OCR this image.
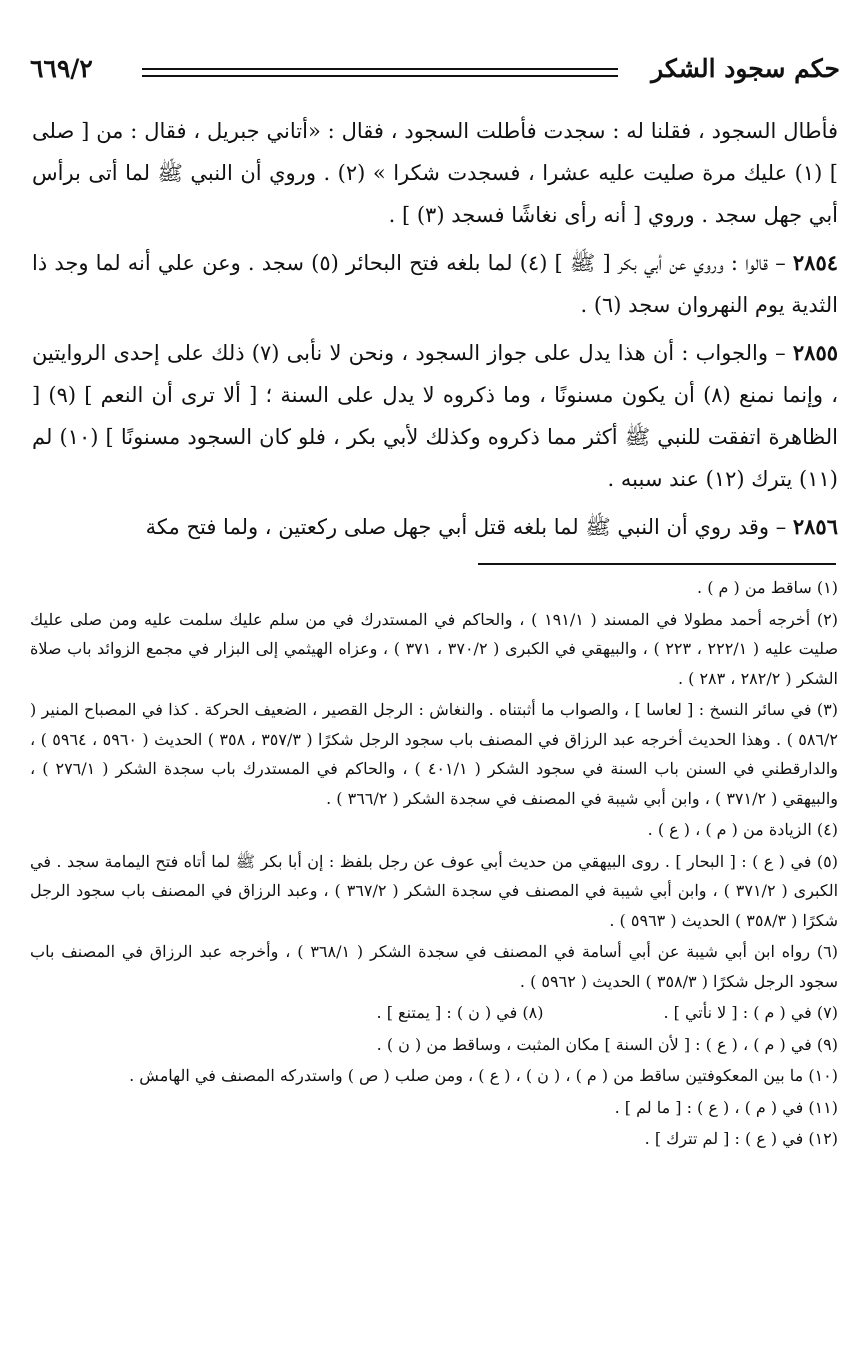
حكم سجود الشكر
٦٦٩/٢

فأطال السجود ، فقلنا له : سجدت فأطلت السجود ، فقال : «أتاني جبريل ، فقال : من [ صلى ] (١) عليك مرة صليت عليه عشرا ، فسجدت شكرا » (٢) . وروي أن النبي ﷺ لما أتى برأس أبي جهل سجد . وروي [ أنه رأى نغاشًا فسجد (٣) ] .

٢٨٥٤ – قالوا : وروي عن أبي بكر [ ﷺ ] (٤) لما بلغه فتح البحائر (٥) سجد . وعن علي أنه لما وجد ذا الثدية يوم النهروان سجد (٦) .

٢٨٥٥ – والجواب : أن هذا يدل على جواز السجود ، ونحن لا نأبى (٧) ذلك على إحدى الروايتين ، وإنما نمنع (٨) أن يكون مسنونًا ، وما ذكروه لا يدل على السنة ؛ [ ألا ترى أن النعم ] (٩) [ الظاهرة اتفقت للنبي ﷺ أكثر مما ذكروه وكذلك لأبي بكر ، فلو كان السجود مسنونًا ] (١٠) لم (١١) يترك (١٢) عند سببه .

٢٨٥٦ – وقد روي أن النبي ﷺ لما بلغه قتل أبي جهل صلى ركعتين ، ولما فتح مكة

(١) ساقط من ( م ) .

(٢) أخرجه أحمد مطولا في المسند ( ١٩١/١ ) ، والحاكم في المستدرك في من سلم عليك سلمت عليه ومن صلى عليك صليت عليه ( ٢٢٢/١ ، ٢٢٣ ) ، والبيهقي في الكبرى ( ٣٧٠/٢ ، ٣٧١ ) ، وعزاه الهيثمي إلى البزار في مجمع الزوائد باب صلاة الشكر ( ٢٨٢/٢ ، ٢٨٣ ) .

(٣) في سائر النسخ : [ لعاسا ] ، والصواب ما أثبتناه . والنغاش : الرجل القصير ، الضعيف الحركة . كذا في المصباح المنير ( ٥٨٦/٢ ) . وهذا الحديث أخرجه عبد الرزاق في المصنف باب سجود الرجل شكرًا ( ٣٥٧/٣ ، ٣٥٨ ) الحديث ( ٥٩٦٠ ، ٥٩٦٤ ) ، والدارقطني في السنن باب السنة في سجود الشكر ( ٤٠١/١ ) ، والحاكم في المستدرك باب سجدة الشكر ( ٢٧٦/١ ) ، والبيهقي ( ٣٧١/٢ ) ، وابن أبي شيبة في المصنف في سجدة الشكر ( ٣٦٦/٢ ) .

(٤) الزيادة من ( م ) ، ( ع ) .

(٥) في ( ع ) : [ البحار ] . روى البيهقي من حديث أبي عوف عن رجل بلفظ : إن أبا بكر ﷺ لما أتاه فتح اليمامة سجد . في الكبرى ( ٣٧١/٢ ) ، وابن أبي شيبة في المصنف في سجدة الشكر ( ٣٦٧/٢ ) ، وعبد الرزاق في المصنف باب سجود الرجل شكرًا ( ٣٥٨/٣ ) الحديث ( ٥٩٦٣ ) .

(٦) رواه ابن أبي شيبة عن أبي أسامة في المصنف في سجدة الشكر ( ٣٦٨/١ ) ، وأخرجه عبد الرزاق في المصنف باب سجود الرجل شكرًا ( ٣٥٨/٣ ) الحديث ( ٥٩٦٢ ) .

(٧) في ( م ) : [ لا نأتي ] .

(٨) في ( ن ) : [ يمتنع ] .

(٩) في ( م ) ، ( ع ) : [ لأن السنة ] مكان المثبت ، وساقط من ( ن ) .

(١٠) ما بين المعكوفتين ساقط من ( م ) ، ( ن ) ، ( ع ) ، ومن صلب ( ص ) واستدركه المصنف في الهامش .

(١١) في ( م ) ، ( ع ) : [ ما لم ] .

(١٢) في ( ع ) : [ لم تترك ] .
